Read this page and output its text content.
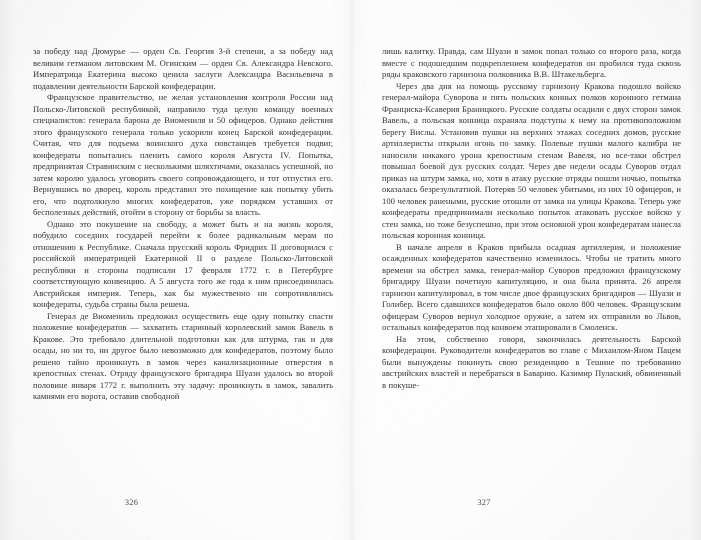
за победу над Дюмурье — орден Св. Георгия 3-й степени, а за победу над великим гетманом литовским М. Огинским — орден Св. Александра Невского. Императрица Екатерина высоко ценила заслуги Александра Васильевича в подавлении деятельности Барской конфедерации.

Французское правительство, не желая установления контроля России над Польско-Литовской республикой, направило туда целую команду военных специалистов: генерала барона де Виомениля и 50 офицеров. Однако действия этого французского генерала только ускорили конец Барской конфедерации. Считая, что для подъема воинского духа повстанцев требуется подвиг, конфедераты попытались пленить самого короля Августа IV. Попытка, предпринятая Стравинским с несколькими шляхтичами, оказалась успешной, но затем королю удалось уговорить своего сопровождающего, и тот отпустил его. Вернувшись во дворец, король представил это похищение как попытку убить его, что подтолкнуло многих конфедератов, уже порядком уставших от бесполезных действий, отойти в сторону от борьбы за власть.

Однако это покушение на свободу, а может быть и на жизнь короля, побудило соседних государей перейти к более радикальным мерам по отношению к Республике. Сначала прусский король Фридрих II договорился с российской императрицей Екатериной II о разделе Польско-Литовской республики и стороны подписали 17 февраля 1772 г. в Петербурге соответствующую конвенцию. А 5 августа того же года к ним присоединилась Австрийская империя. Теперь, как бы мужественно ни сопротивлялись конфедераты, судьба страны была решена.

Генерал де Виомениль предложил осуществить еще одну попытку спасти положение конфедератов — захватить старинный королевский замок Вавель в Кракове. Это требовало длительной подготовки как для штурма, так и для осады, но ни то, ни другое было невозможно для конфедератов, поэтому было решено тайно проникнуть в замок через канализационные отверстия в крепостных стенах. Отряду французского бригадира Шуази удалось во второй половине января 1772 г. выполнить эту задачу: проникнуть в замок, завалить камнями его ворота, оставив свободной

326

лишь калитку. Правда, сам Шуази в замок попал только со второго раза, когда вместе с подошедшим подкреплением конфедератов он пробился туда сквозь ряды краковского гарнизона полковника В.В. Штакельберга.

Через два дня на помощь русскому гарнизону Кракова подошло войско генерал-майора Суворова и пять польских конных полков коронного гетмана Франциска-Ксаверия Браницкого. Русские солдаты осадили с двух сторон замок Вавель, а польская конница охраняла подступы к нему на противоположном берегу Вислы. Установив пушки на верхних этажах соседних домов, русские артиллеристы открыли огонь по замку. Полевые пушки малого калибра не наносили никакого урона крепостным стенам Вавеля, но все-таки обстрел повышал боевой дух русских солдат. Через две недели осады Суворов отдал приказ на штурм замка, но, хотя в атаку русские отряды пошли ночью, попытка оказалась безрезультатной. Потеряв 50 человек убитыми, из них 10 офицеров, и 100 человек ранеными, русские отошли от замка на улицы Кракова. Теперь уже конфедераты предпринимали несколько попыток атаковать русское войско у стен замка, но тоже безуспешно, при этом основной урон конфедератам нанесла польская коронная конница.

В начале апреля в Краков прибыла осадная артиллерия, и положение осажденных конфедератов качественно изменилось. Чтобы не тратить много времени на обстрел замка, генерал-майор Суворов предложил французскому бригадиру Шуази почетную капитуляцию, и она была принята. 26 апреля гарнизон капитулировал, в том числе двое французских бригадиров — Шуази и Голибер. Всего сдавшихся конфедератов было около 800 человек. Французским офицерам Суворов вернул холодное оружие, а затем их отправили во Львов, остальных конфедератов под конвоем этапировали в Смоленск.

На этом, собственно говоря, закончилась деятельность Барской конфедерации. Руководители конфедератов во главе с Михаилом-Яном Пацем были вынуждены покинуть свою резиденцию в Тешине по требованию австрийских властей и перебраться в Баварию. Казимир Пулаский, обвиненный в покуше-

327
